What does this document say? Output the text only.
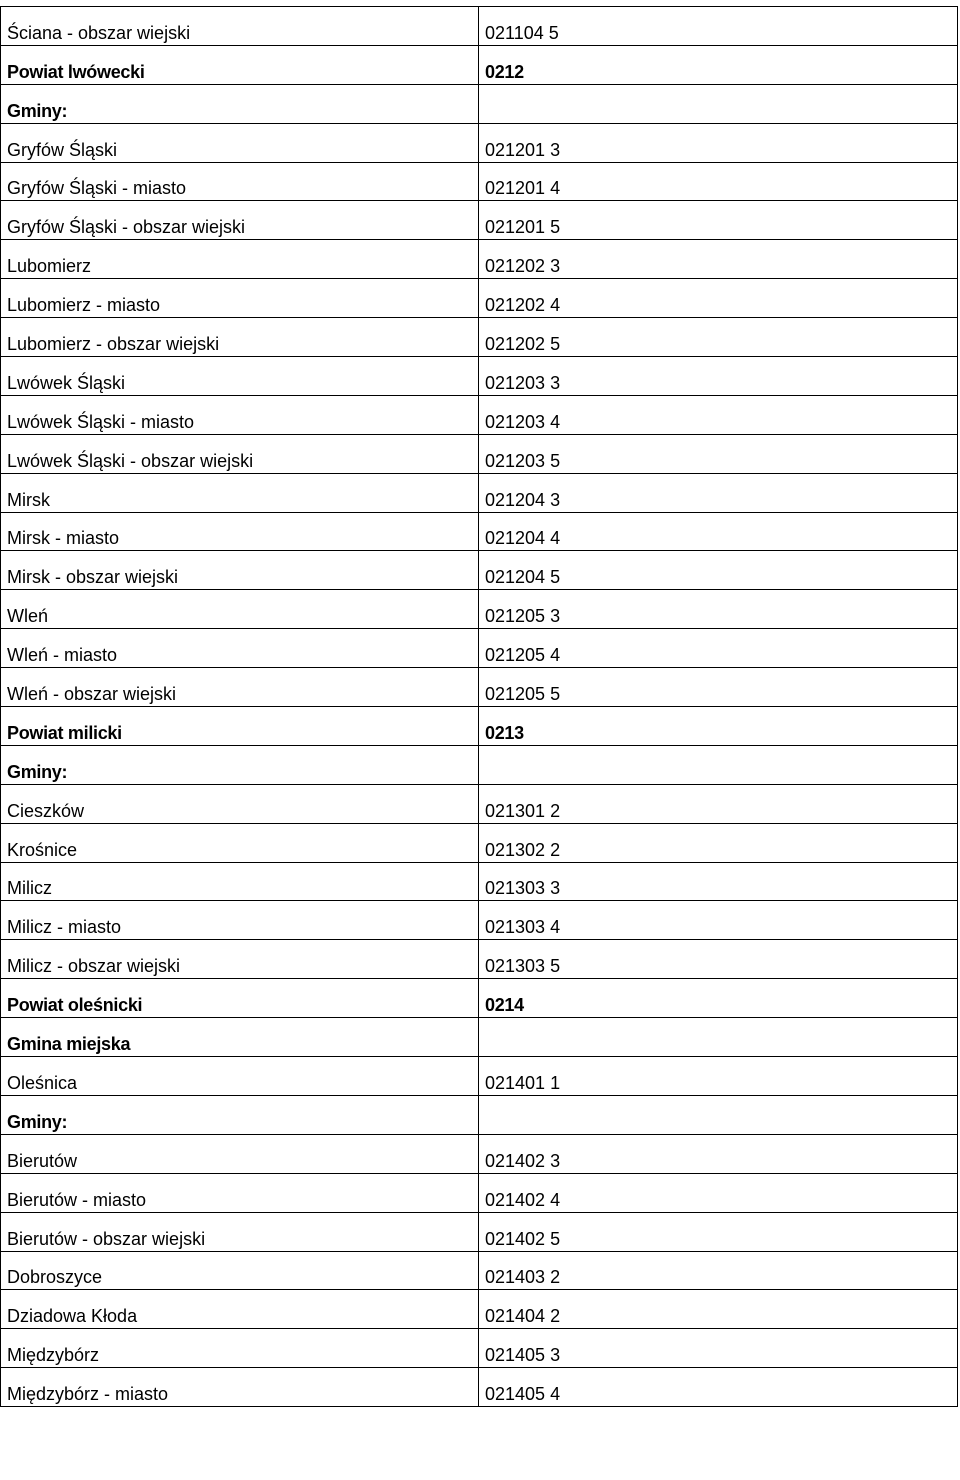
Ściana - obszar wiejski	021104 5
Powiat lwówecki	0212
Gminy:	
Gryfów Śląski	021201 3
Gryfów Śląski - miasto	021201 4
Gryfów Śląski - obszar wiejski	021201 5
Lubomierz	021202 3
Lubomierz - miasto	021202 4
Lubomierz - obszar wiejski	021202 5
Lwówek Śląski	021203 3
Lwówek Śląski - miasto	021203 4
Lwówek Śląski - obszar wiejski	021203 5
Mirsk	021204 3
Mirsk - miasto	021204 4
Mirsk - obszar wiejski	021204 5
Wleń	021205 3
Wleń - miasto	021205 4
Wleń - obszar wiejski	021205 5
Powiat milicki	0213
Gminy:	
Cieszków	021301 2
Krośnice	021302 2
Milicz	021303 3
Milicz - miasto	021303 4
Milicz - obszar wiejski	021303 5
Powiat oleśnicki	0214
Gmina miejska	
Oleśnica	021401 1
Gminy:	
Bierutów	021402 3
Bierutów - miasto	021402 4
Bierutów - obszar wiejski	021402 5
Dobroszyce	021403 2
Dziadowa Kłoda	021404 2
Międzybórz	021405 3
Międzybórz - miasto	021405 4
